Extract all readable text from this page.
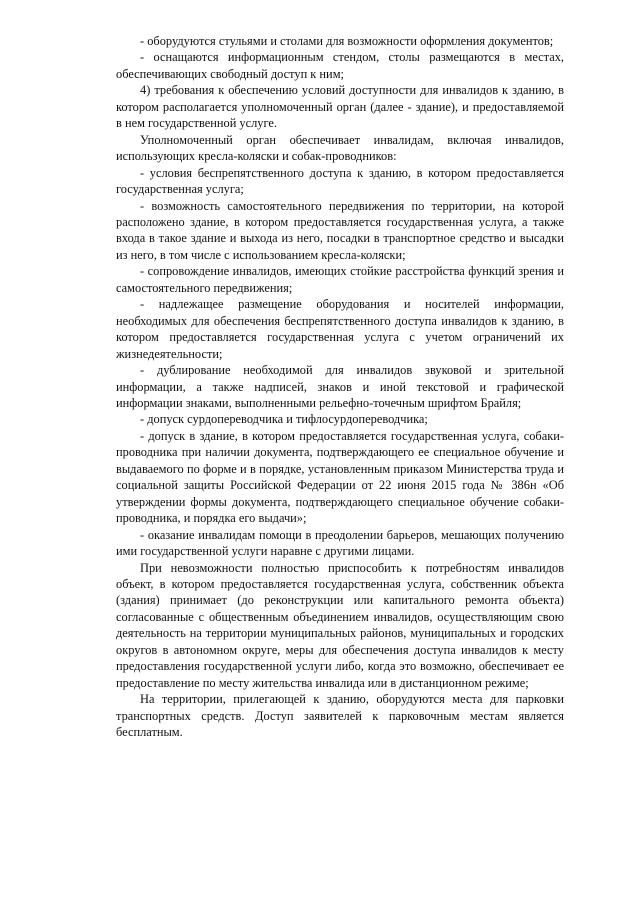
- оборудуются стульями и столами для возможности оформления документов;

- оснащаются информационным стендом, столы размещаются в местах, обеспечивающих свободный доступ к ним;

4) требования к обеспечению условий доступности для инвалидов к зданию, в котором располагается уполномоченный орган (далее - здание), и предоставляемой в нем государственной услуге.

Уполномоченный орган обеспечивает инвалидам, включая инвалидов, использующих кресла-коляски и собак-проводников:

- условия беспрепятственного доступа к зданию, в котором предоставляется государственная услуга;

- возможность самостоятельного передвижения по территории, на которой расположено здание, в котором предоставляется государственная услуга, а также входа в такое здание и выхода из него, посадки в транспортное средство и высадки из него, в том числе с использованием кресла-коляски;

- сопровождение инвалидов, имеющих стойкие расстройства функций зрения и самостоятельного передвижения;

- надлежащее размещение оборудования и носителей информации, необходимых для обеспечения беспрепятственного доступа инвалидов к зданию, в котором предоставляется государственная услуга с учетом ограничений их жизнедеятельности;

- дублирование необходимой для инвалидов звуковой и зрительной информации, а также надписей, знаков и иной текстовой и графической информации знаками, выполненными рельефно-точечным шрифтом Брайля;

- допуск сурдопереводчика и тифлосурдопереводчика;

- допуск в здание, в котором предоставляется государственная услуга, собаки-проводника при наличии документа, подтверждающего ее специальное обучение и выдаваемого по форме и в порядке, установленным приказом Министерства труда и социальной защиты Российской Федерации от 22 июня 2015 года № 386н «Об утверждении формы документа, подтверждающего специальное обучение собаки-проводника, и порядка его выдачи»;

- оказание инвалидам помощи в преодолении барьеров, мешающих получению ими государственной услуги наравне с другими лицами.

При невозможности полностью приспособить к потребностям инвалидов объект, в котором предоставляется государственная услуга, собственник объекта (здания) принимает (до реконструкции или капитального ремонта объекта) согласованные с общественным объединением инвалидов, осуществляющим свою деятельность на территории муниципальных районов, муниципальных и городских округов в автономном округе, меры для обеспечения доступа инвалидов к месту предоставления государственной услуги либо, когда это возможно, обеспечивает ее предоставление по месту жительства инвалида или в дистанционном режиме;

На территории, прилегающей к зданию, оборудуются места для парковки транспортных средств. Доступ заявителей к парковочным местам является бесплатным.
